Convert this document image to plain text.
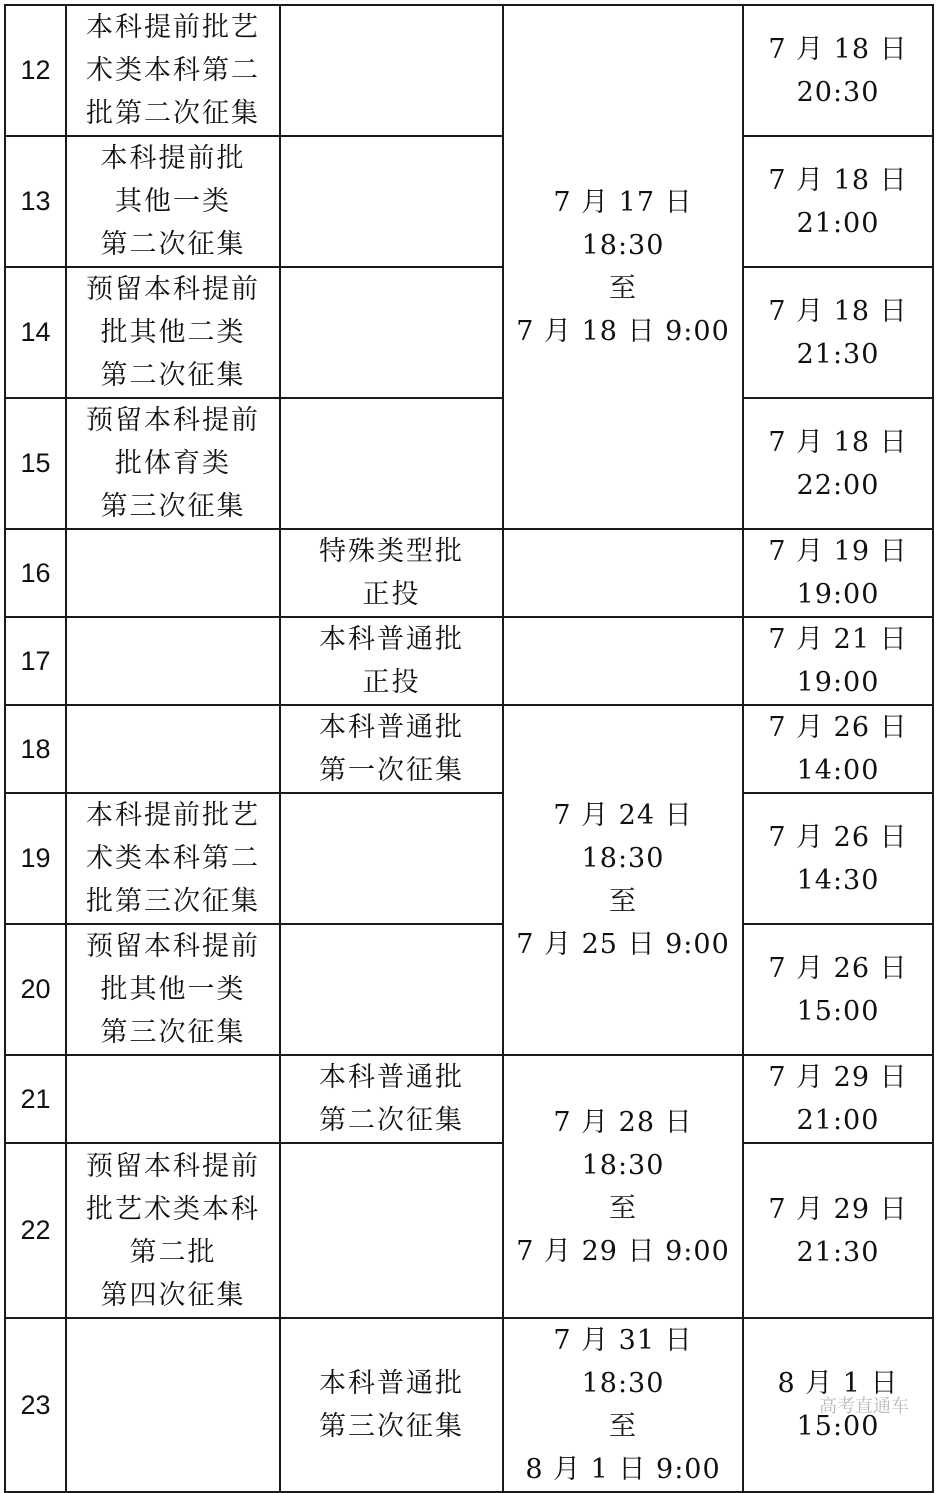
12	本科提前批艺
术类本科第二
批第二次征集		7 月 17 日 18:30
至
7 月 18 日 9:00	7 月 18 日
20:30
13	本科提前批
其他一类
第二次征集			7 月 18 日
21:00
14	预留本科提前
批其他二类
第二次征集			7 月 18 日
21:30
15	预留本科提前
批体育类
第三次征集			7 月 18 日
22:00
16		特殊类型批
正投		7 月 19 日
19:00
17		本科普通批
正投		7 月 21 日
19:00
18		本科普通批
第一次征集	7 月 24 日 18:30
至
7 月 25 日 9:00	7 月 26 日
14:00
19	本科提前批艺
术类本科第二
批第三次征集			7 月 26 日
14:30
20	预留本科提前
批其他一类
第三次征集			7 月 26 日
15:00
21		本科普通批
第二次征集	7 月 28 日 18:30
至
7 月 29 日 9:00	7 月 29 日
21:00
22	预留本科提前
批艺术类本科
第二批
第四次征集			7 月 29 日
21:30
23		本科普通批
第三次征集	7 月 31 日 18:30
至
8 月 1 日 9:00	8 月 1 日
15:00
高考直通车
